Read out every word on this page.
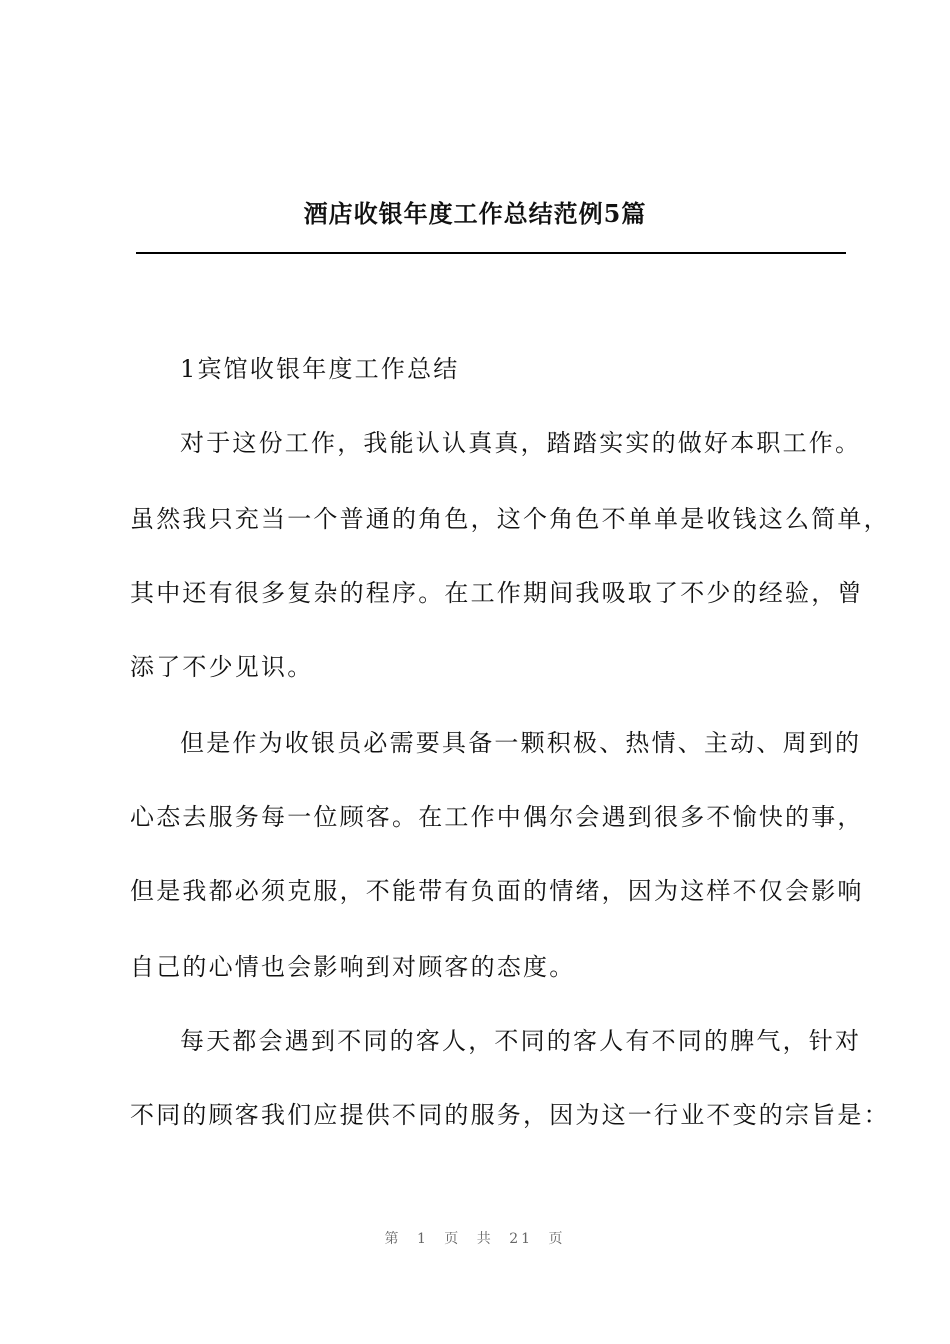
酒店收银年度工作总结范例5篇

1宾馆收银年度工作总结

对于这份工作，我能认认真真，踏踏实实的做好本职工作。

虽然我只充当一个普通的角色，这个角色不单单是收钱这么简单，

其中还有很多复杂的程序。在工作期间我吸取了不少的经验，曾

添了不少见识。

但是作为收银员必需要具备一颗积极、热情、主动、周到的

心态去服务每一位顾客。在工作中偶尔会遇到很多不愉快的事，

但是我都必须克服，不能带有负面的情绪，因为这样不仅会影响

自己的心情也会影响到对顾客的态度。

每天都会遇到不同的客人，不同的客人有不同的脾气，针对

不同的顾客我们应提供不同的服务，因为这一行业不变的宗旨是：

第 1 页 共 21 页
